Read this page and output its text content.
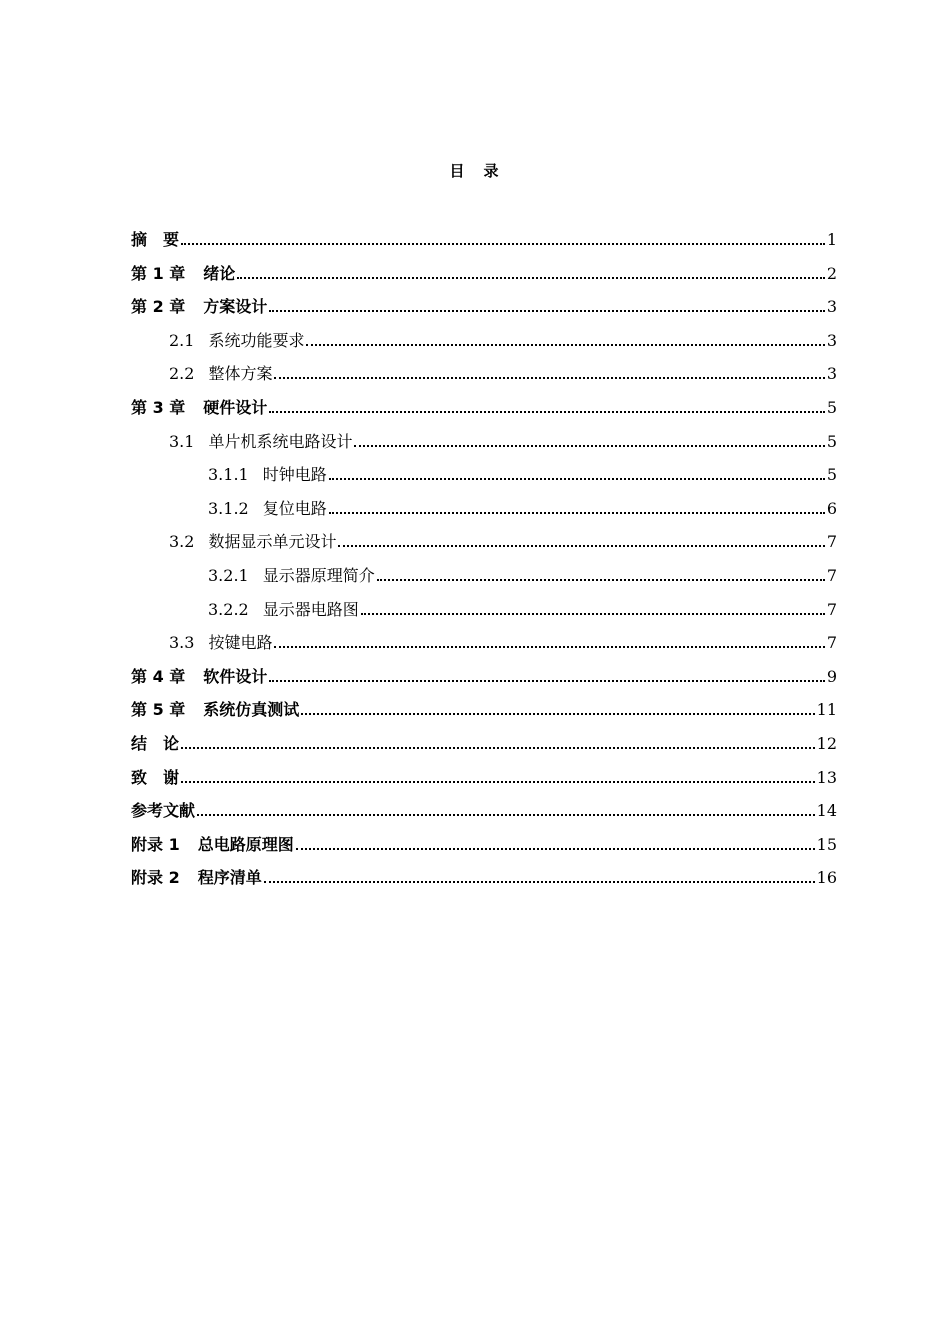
目　录
摘　要	1
第 1 章 绪论	2
第 2 章 方案设计	3
2.1 系统功能要求	3
2.2 整体方案	3
第 3 章 硬件设计	5
3.1 单片机系统电路设计	5
3.1.1 时钟电路	5
3.1.2 复位电路	6
3.2 数据显示单元设计	7
3.2.1 显示器原理简介	7
3.2.2 显示器电路图	7
3.3 按键电路	7
第 4 章 软件设计	9
第 5 章 系统仿真测试	11
结　论	12
致　谢	13
参考文献	14
附录 1 总电路原理图	15
附录 2 程序清单	16
